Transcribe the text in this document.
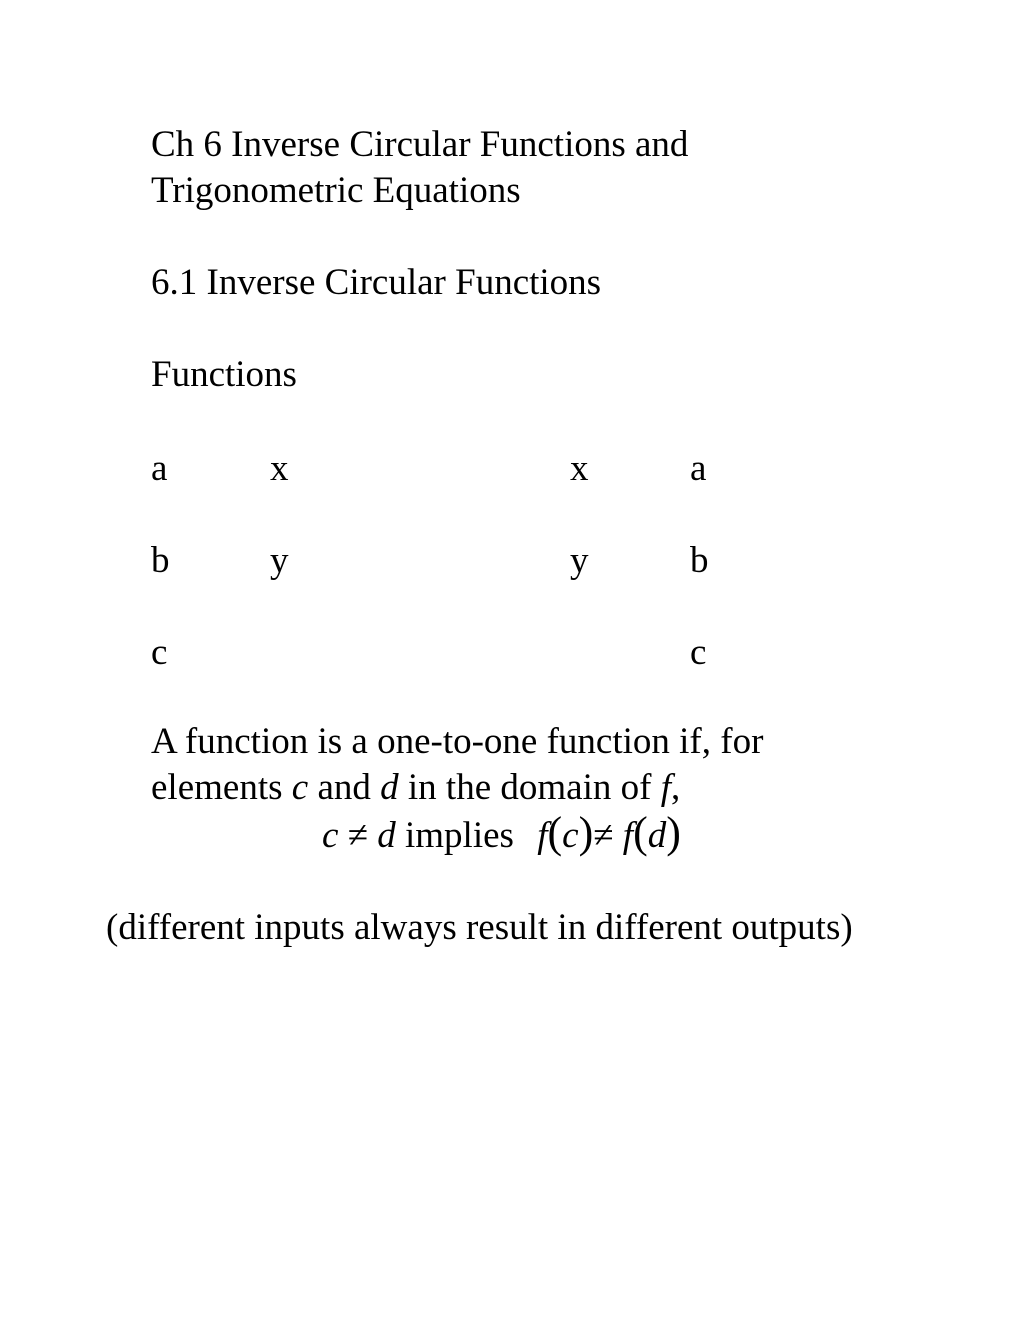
Ch 6 Inverse Circular Functions and
Trigonometric Equations
6.1 Inverse Circular Functions
Functions
a
b
c
x
y
x
y
a
b
c
A function is a one-to-one function if, for
elements c and d in the domain of f,
c ≠ d implies f(c)≠ f(d)
(different inputs always result in different outputs)
